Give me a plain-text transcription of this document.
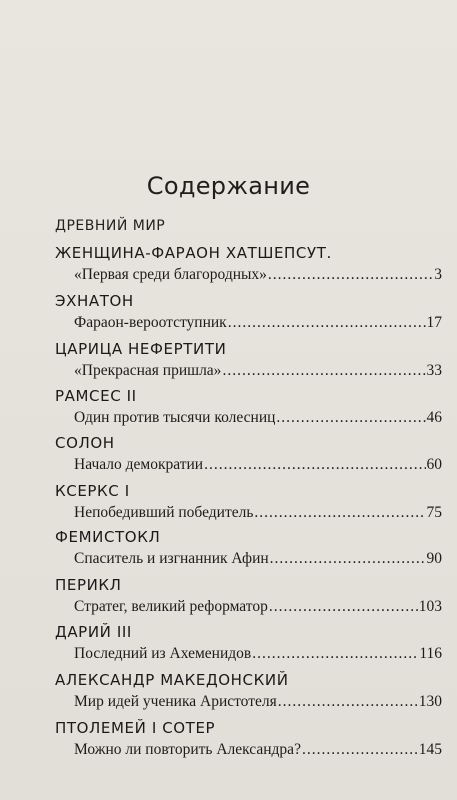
Содержание
ДРЕВНИЙ МИР
ЖЕНЩИНА-ФАРАОН ХАТШЕПСУТ.
«Первая среди благородных» .....	3
ЭХНАТОН
Фараон-вероотступник .....	17
ЦАРИЦА НЕФЕРТИТИ
«Прекрасная пришла» .....	33
РАМСЕС II
Один против тысячи колесниц .....	46
СОЛОН
Начало демократии .....	60
КСЕРКС I
Непобедивший победитель .....	75
ФЕМИСТОКЛ
Спаситель и изгнанник Афин .....	90
ПЕРИКЛ
Стратег, великий реформатор .....	103
ДАРИЙ III
Последний из Ахеменидов .....	116
АЛЕКСАНДР МАКЕДОНСКИЙ
Мир идей ученика Аристотеля .....	130
ПТОЛЕМЕЙ I СОТЕР
Можно ли повторить Александра? .....	145
